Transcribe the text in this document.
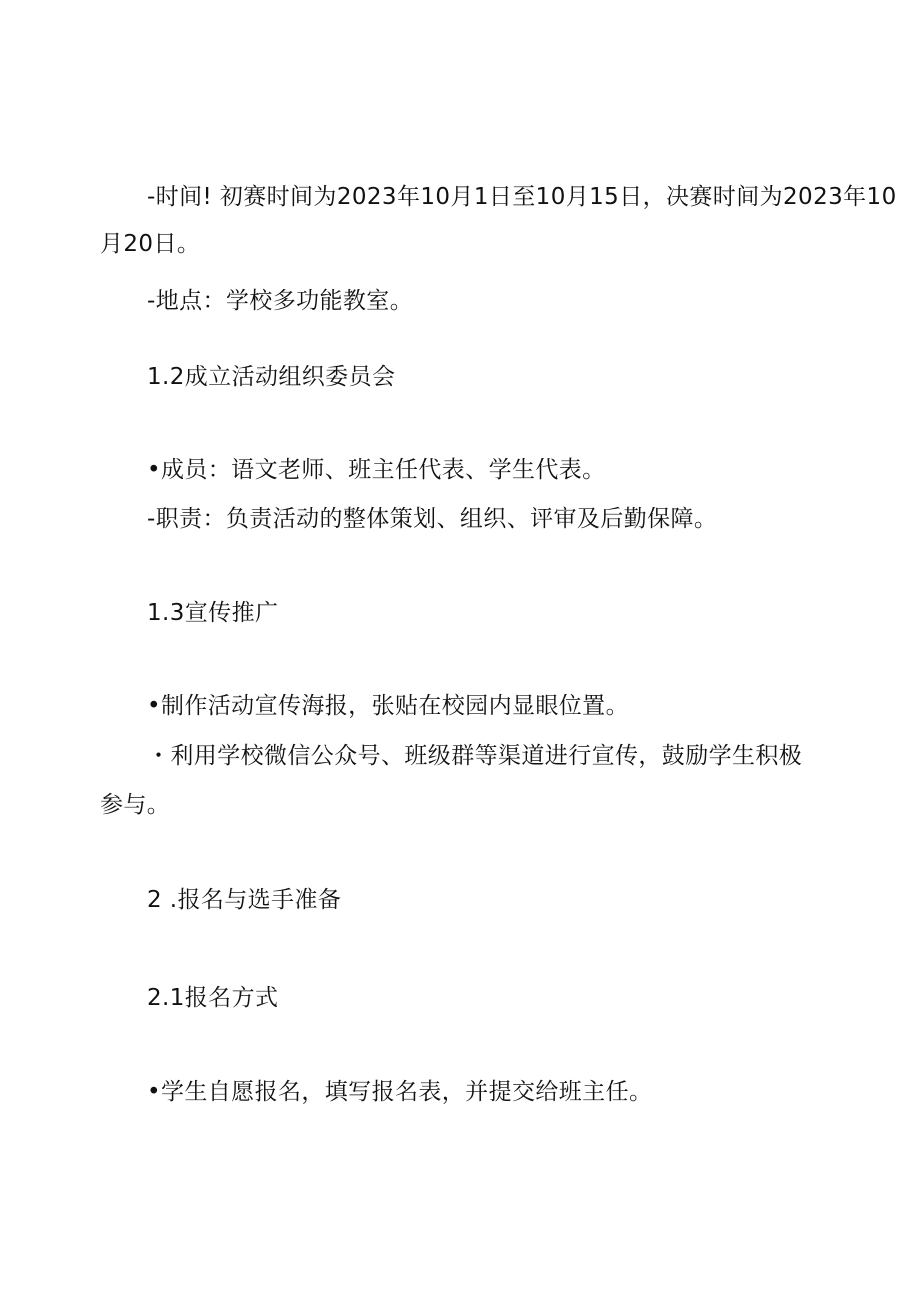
-时间! 初赛时间为2023年10月1日至10月15日，决赛时间为2023年10
月20日。
-地点：学校多功能教室。
1.2成立活动组织委员会
•成员：语文老师、班主任代表、学生代表。
-职责：负责活动的整体策划、组织、评审及后勤保障。
1.3宣传推广
•制作活动宣传海报，张贴在校园内显眼位置。
・利用学校微信公众号、班级群等渠道进行宣传，鼓励学生积极
参与。
2 .报名与选手准备
2.1报名方式
•学生自愿报名，填写报名表，并提交给班主任。
